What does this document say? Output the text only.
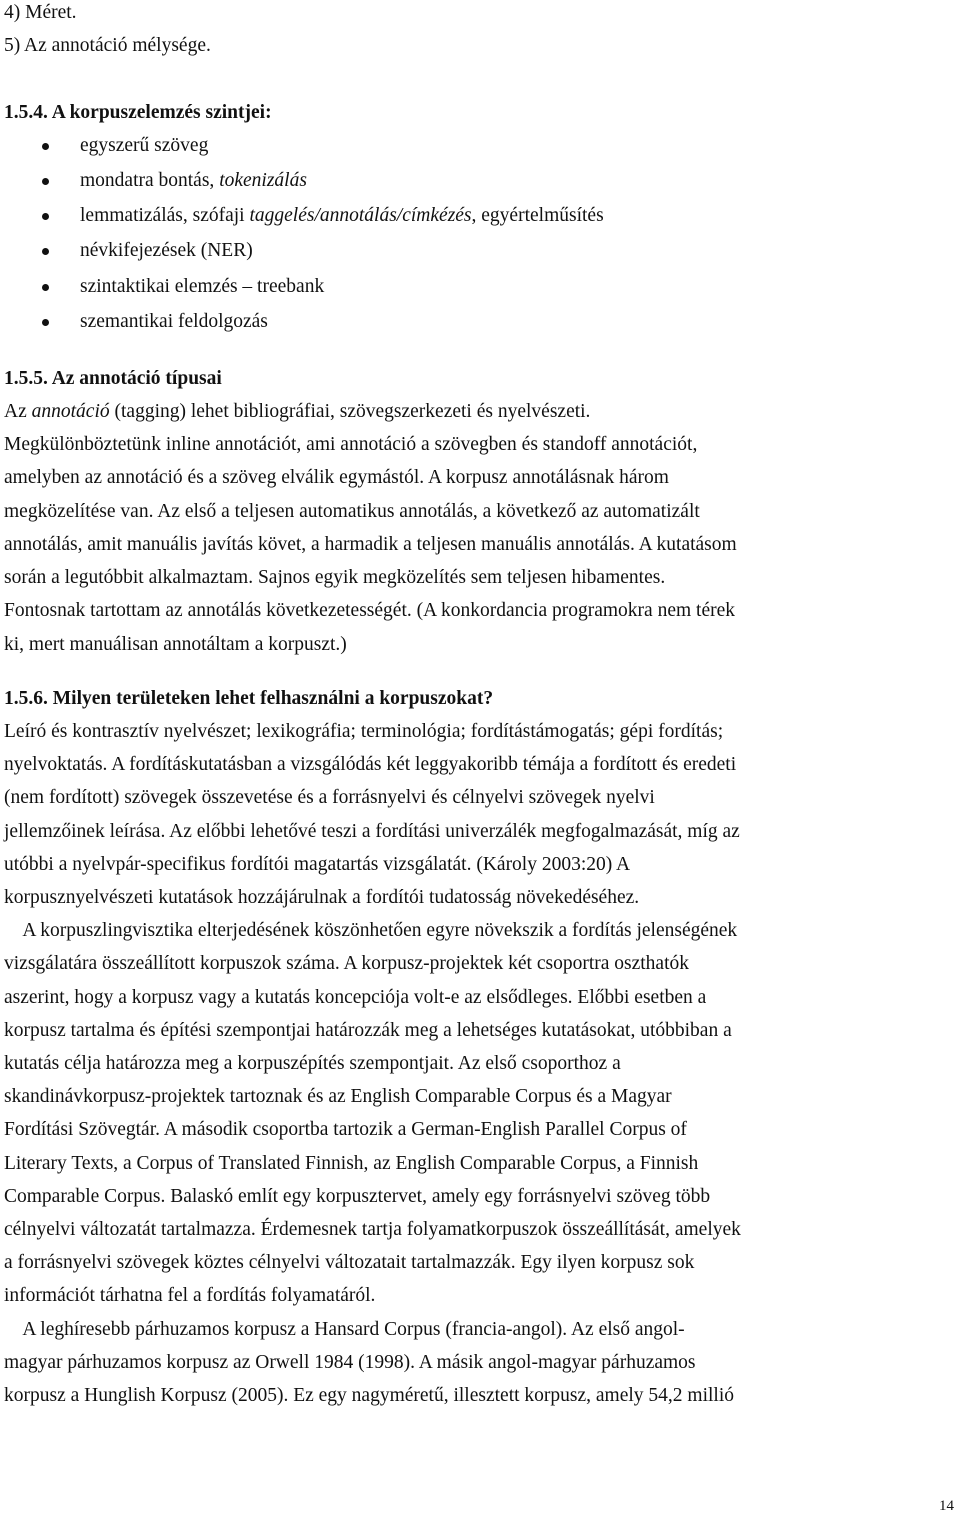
4) Méret.
5) Az annotáció mélysége.
1.5.4. A korpuszelemzés szintjei:
egyszerű szöveg
mondatra bontás, tokenizálás
lemmatizálás, szófaji taggelés/annotálás/címkézés, egyértelműsítés
névkifejezések (NER)
szintaktikai elemzés – treebank
szemantikai feldolgozás
1.5.5. Az annotáció típusai
Az annotáció (tagging) lehet bibliográfiai, szövegszerkezeti és nyelvészeti.
Megkülönböztetünk inline annotációt, ami annotáció a szövegben és standoff annotációt,
amelyben az annotáció és a szöveg elválik egymástól. A korpusz annotálásnak három
megközelítése van. Az első a teljesen automatikus annotálás, a következő az automatizált
annotálás, amit manuális javítás követ, a harmadik a teljesen manuális annotálás. A kutatásom
során a legutóbbit alkalmaztam. Sajnos egyik megközelítés sem teljesen hibamentes.
Fontosnak tartottam az annotálás következetességét. (A konkordancia programokra nem térek
ki, mert manuálisan annotáltam a korpuszt.)
1.5.6. Milyen területeken lehet felhasználni a korpuszokat?
Leíró és kontrasztív nyelvészet; lexikográfia; terminológia; fordítástámogatás; gépi fordítás;
nyelvoktatás. A fordításkutatásban a vizsgálódás két leggyakoribb témája a fordított és eredeti
(nem fordított) szövegek összevetése és a forrásnyelvi és célnyelvi szövegek nyelvi
jellemzőinek leírása. Az előbbi lehetővé teszi a fordítási univerzálék megfogalmazását, míg az
utóbbi a nyelvpár-specifikus fordítói magatartás vizsgálatát. (Károly 2003:20) A
korpusznyelvészeti kutatások hozzájárulnak a fordítói tudatosság növekedéséhez.
A korpuszlingvisztika elterjedésének köszönhetően egyre növekszik a fordítás jelenségének
vizsgálatára összeállított korpuszok száma. A korpusz-projektek két csoportra oszthatók
aszerint, hogy a korpusz vagy a kutatás koncepciója volt-e az elsődleges. Előbbi esetben a
korpusz tartalma és építési szempontjai határozzák meg a lehetséges kutatásokat, utóbbiban a
kutatás célja határozza meg a korpuszépítés szempontjait. Az első csoporthoz a
skandinávkorpusz-projektek tartoznak és az English Comparable Corpus és a Magyar
Fordítási Szövegtár. A második csoportba tartozik a German-English Parallel Corpus of
Literary Texts, a Corpus of Translated Finnish, az English Comparable Corpus, a Finnish
Comparable Corpus. Balaskó említ egy korpusztervet, amely egy forrásnyelvi szöveg több
célnyelvi változatát tartalmazza. Érdemesnek tartja folyamatkorpuszok összeállítását, amelyek
a forrásnyelvi szövegek köztes célnyelvi változatait tartalmazzák. Egy ilyen korpusz sok
információt tárhatna fel a fordítás folyamatáról.
A leghíresebb párhuzamos korpusz a Hansard Corpus (francia-angol). Az első angol-
magyar párhuzamos korpusz az Orwell 1984 (1998). A másik angol-magyar párhuzamos
korpusz a Hunglish Korpusz (2005). Ez egy nagyméretű, illesztett korpusz, amely 54,2 millió
14
